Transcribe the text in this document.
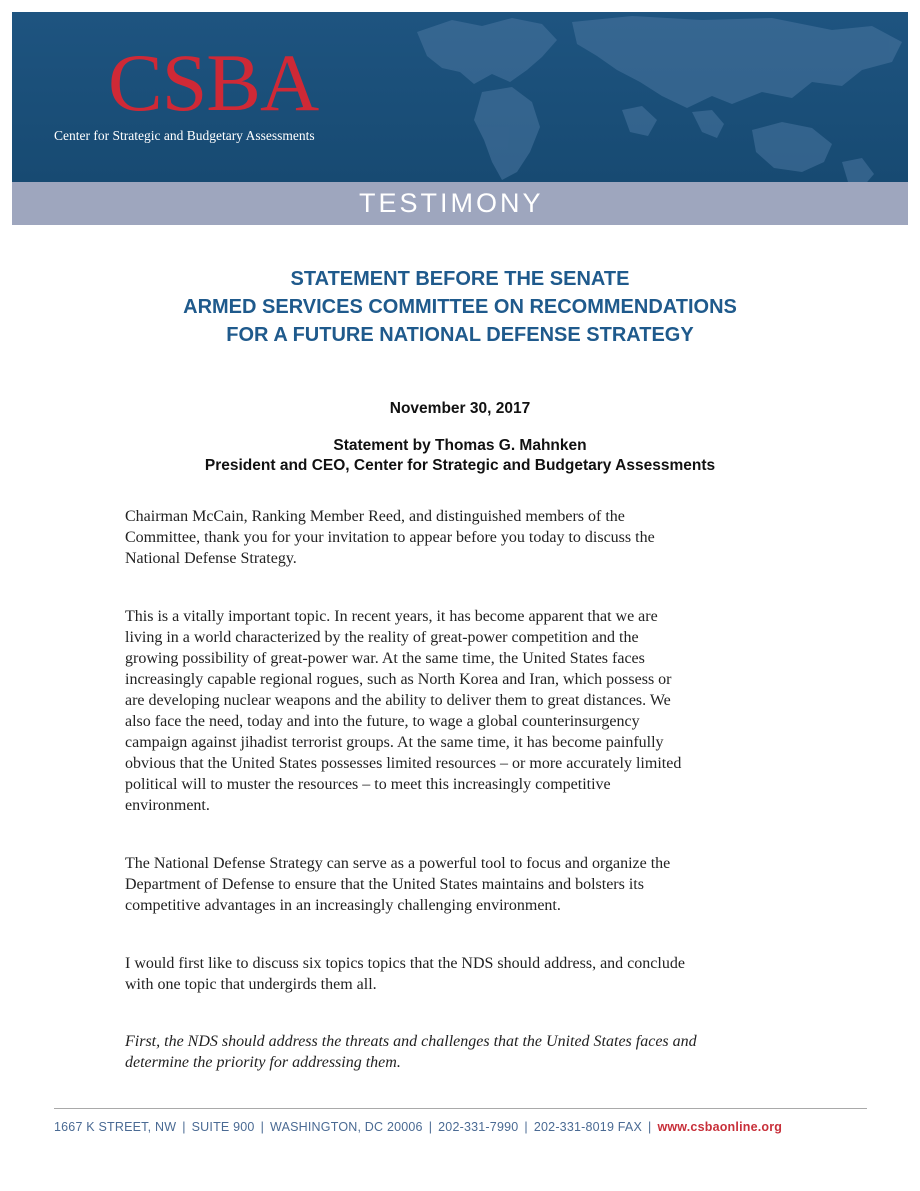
CSBA
Center for Strategic and Budgetary Assessments
TESTIMONY
STATEMENT BEFORE THE SENATE
ARMED SERVICES COMMITTEE ON RECOMMENDATIONS
FOR A FUTURE NATIONAL DEFENSE STRATEGY
November 30, 2017
Statement by Thomas G. Mahnken
President and CEO, Center for Strategic and Budgetary Assessments
Chairman McCain, Ranking Member Reed, and distinguished members of the
Committee, thank you for your invitation to appear before you today to discuss the
National Defense Strategy.
This is a vitally important topic. In recent years, it has become apparent that we are
living in a world characterized by the reality of great-power competition and the
growing possibility of great-power war. At the same time, the United States faces
increasingly capable regional rogues, such as North Korea and Iran, which possess or
are developing nuclear weapons and the ability to deliver them to great distances. We
also face the need, today and into the future, to wage a global counterinsurgency
campaign against jihadist terrorist groups. At the same time, it has become painfully
obvious that the United States possesses limited resources – or more accurately limited
political will to muster the resources – to meet this increasingly competitive
environment.
The National Defense Strategy can serve as a powerful tool to focus and organize the
Department of Defense to ensure that the United States maintains and bolsters its
competitive advantages in an increasingly challenging environment.
I would first like to discuss six topics topics that the NDS should address, and conclude
with one topic that undergirds them all.
First, the NDS should address the threats and challenges that the United States faces and
determine the priority for addressing them.
1667 K STREET, NW | SUITE 900 | WASHINGTON, DC 20006 | 202-331-7990 | 202-331-8019 FAX | www.csbaonline.org
